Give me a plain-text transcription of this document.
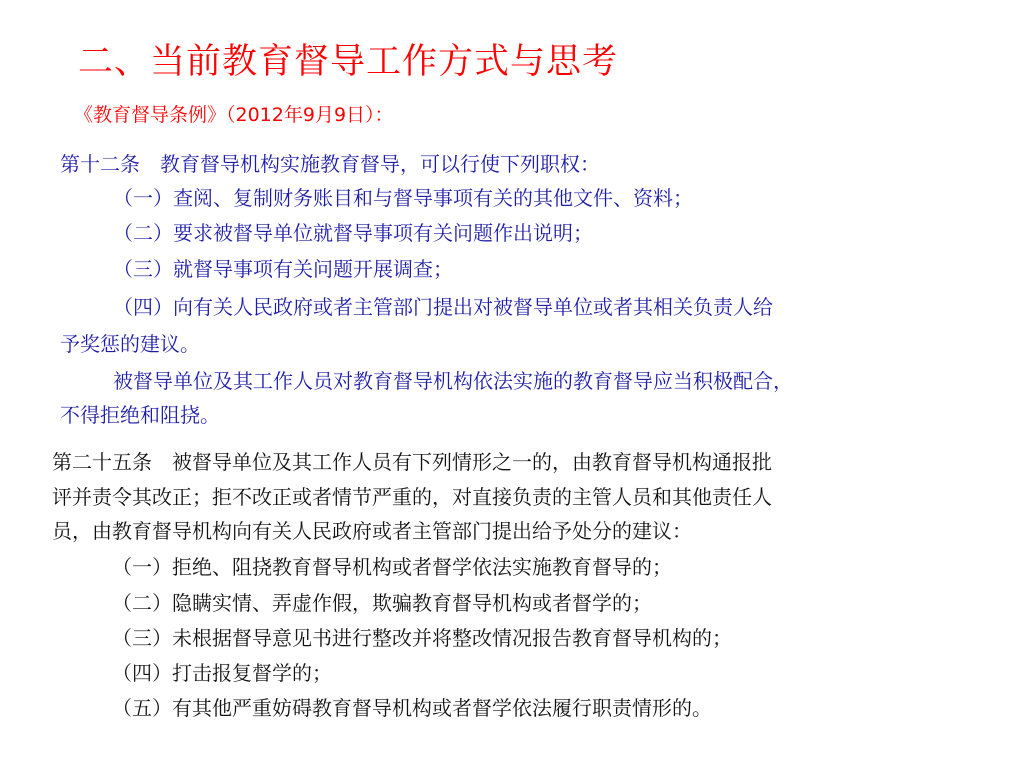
二、当前教育督导工作方式与思考
《教育督导条例》（2012年9月9日）：
第十二条　教育督导机构实施教育督导，可以行使下列职权：
（一）查阅、复制财务账目和与督导事项有关的其他文件、资料；
（二）要求被督导单位就督导事项有关问题作出说明；
（三）就督导事项有关问题开展调查；
（四）向有关人民政府或者主管部门提出对被督导单位或者其相关负责人给
予奖惩的建议。
被督导单位及其工作人员对教育督导机构依法实施的教育督导应当积极配合，
不得拒绝和阻挠。
第二十五条　被督导单位及其工作人员有下列情形之一的，由教育督导机构通报批
评并责令其改正；拒不改正或者情节严重的，对直接负责的主管人员和其他责任人
员，由教育督导机构向有关人民政府或者主管部门提出给予处分的建议：
（一）拒绝、阻挠教育督导机构或者督学依法实施教育督导的；
（二）隐瞒实情、弄虚作假，欺骗教育督导机构或者督学的；
（三）未根据督导意见书进行整改并将整改情况报告教育督导机构的；
（四）打击报复督学的；
（五）有其他严重妨碍教育督导机构或者督学依法履行职责情形的。
